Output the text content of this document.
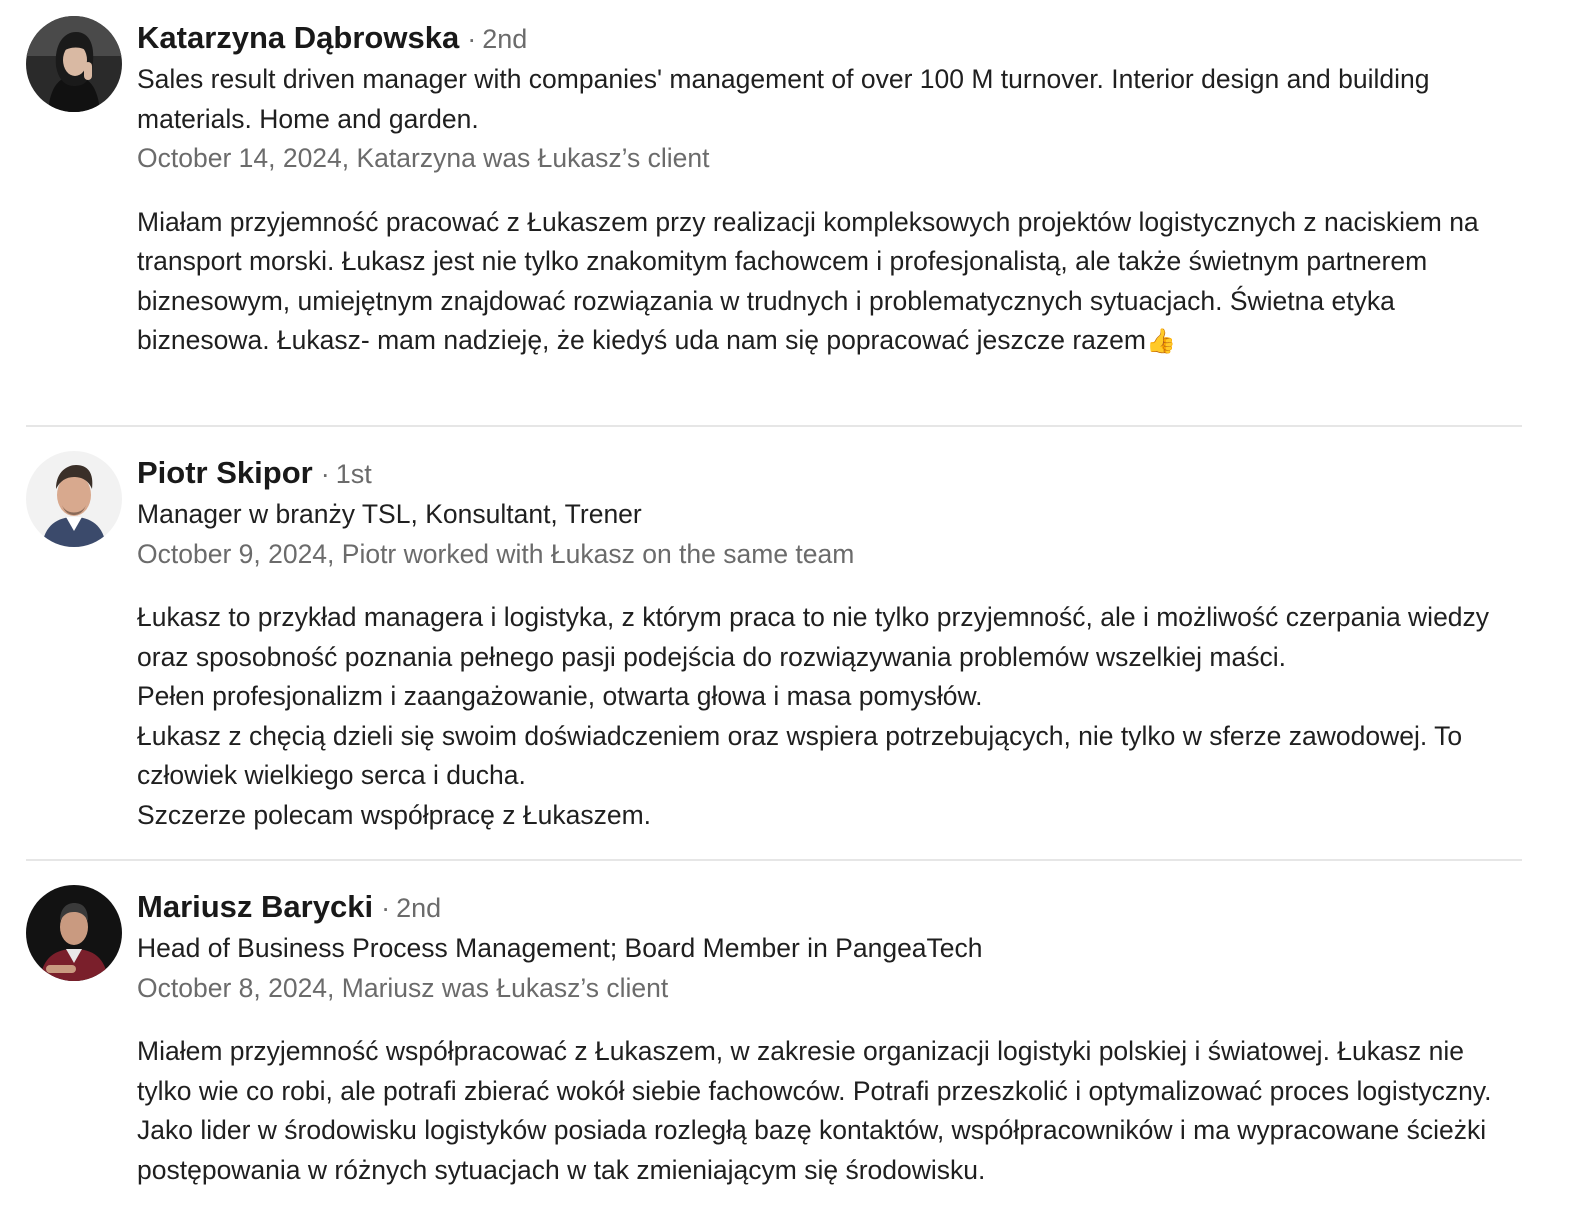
Katarzyna Dąbrowska · 2nd
Sales result driven manager with companies' management of over 100 M turnover. Interior design and building materials. Home and garden.
October 14, 2024, Katarzyna was Łukasz’s client

Miałam przyjemność pracować z Łukaszem przy realizacji kompleksowych projektów logistycznych z naciskiem na transport morski. Łukasz jest nie tylko znakomitym fachowcem i profesjonalistą, ale także świetnym partnerem biznesowym, umiejętnym znajdować rozwiązania w trudnych i problematycznych sytuacjach. Świetna etyka biznesowa. Łukasz- mam nadzieję, że kiedyś uda nam się popracować jeszcze razem👍

Piotr Skipor · 1st
Manager w branży TSL, Konsultant, Trener
October 9, 2024, Piotr worked with Łukasz on the same team

Łukasz to przykład managera i logistyka, z którym praca to nie tylko przyjemność, ale i możliwość czerpania wiedzy oraz sposobność poznania pełnego pasji podejścia do rozwiązywania problemów wszelkiej maści.

Pełen profesjonalizm i zaangażowanie, otwarta głowa i masa pomysłów.

Łukasz z chęcią dzieli się swoim doświadczeniem oraz wspiera potrzebujących, nie tylko w sferze zawodowej. To człowiek wielkiego serca i ducha.

Szczerze polecam współpracę z Łukaszem.

Mariusz Barycki · 2nd
Head of Business Process Management; Board Member in PangeaTech
October 8, 2024, Mariusz was Łukasz’s client

Miałem przyjemność współpracować z Łukaszem, w zakresie organizacji logistyki polskiej i światowej. Łukasz nie tylko wie co robi, ale potrafi zbierać wokół siebie fachowców. Potrafi przeszkolić i optymalizować proces logistyczny. Jako lider w środowisku logistyków posiada rozległą bazę kontaktów, współpracowników i ma wypracowane ścieżki postępowania w różnych sytuacjach w tak zmieniającym się środowisku.
